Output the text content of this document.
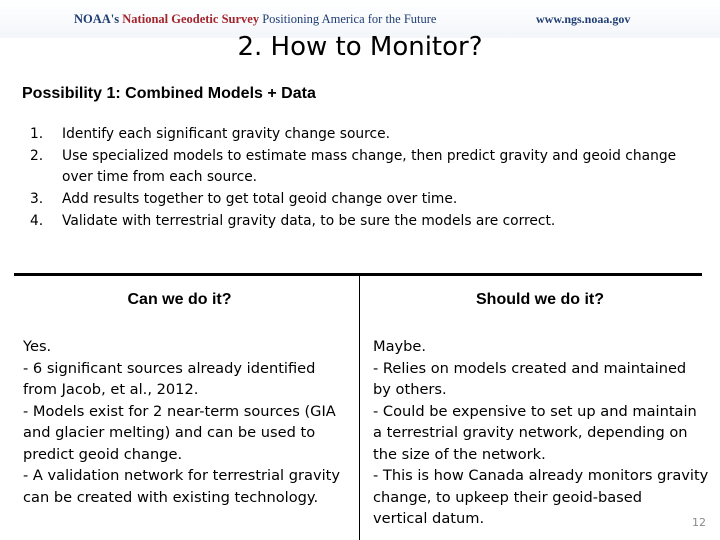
NOAA's National Geodetic Survey Positioning America for the Future	www.ngs.noaa.gov
2. How to Monitor?
Possibility 1: Combined Models + Data
1. Identify each significant gravity change source.
2. Use specialized models to estimate mass change, then predict gravity and geoid change
over time from each source.
3. Add results together to get total geoid change over time.
4. Validate with terrestrial gravity data, to be sure the models are correct.
Can we do it?	Should we do it?
Yes.
- 6 significant sources already identified
from Jacob, et al., 2012.
- Models exist for 2 near-term sources (GIA
and glacier melting) and can be used to
predict geoid change.
- A validation network for terrestrial gravity
can be created with existing technology.
Maybe.
- Relies on models created and maintained
by others.
- Could be expensive to set up and maintain
a terrestrial gravity network, depending on
the size of the network.
- This is how Canada already monitors gravity
change, to upkeep their geoid-based
vertical datum.	12
